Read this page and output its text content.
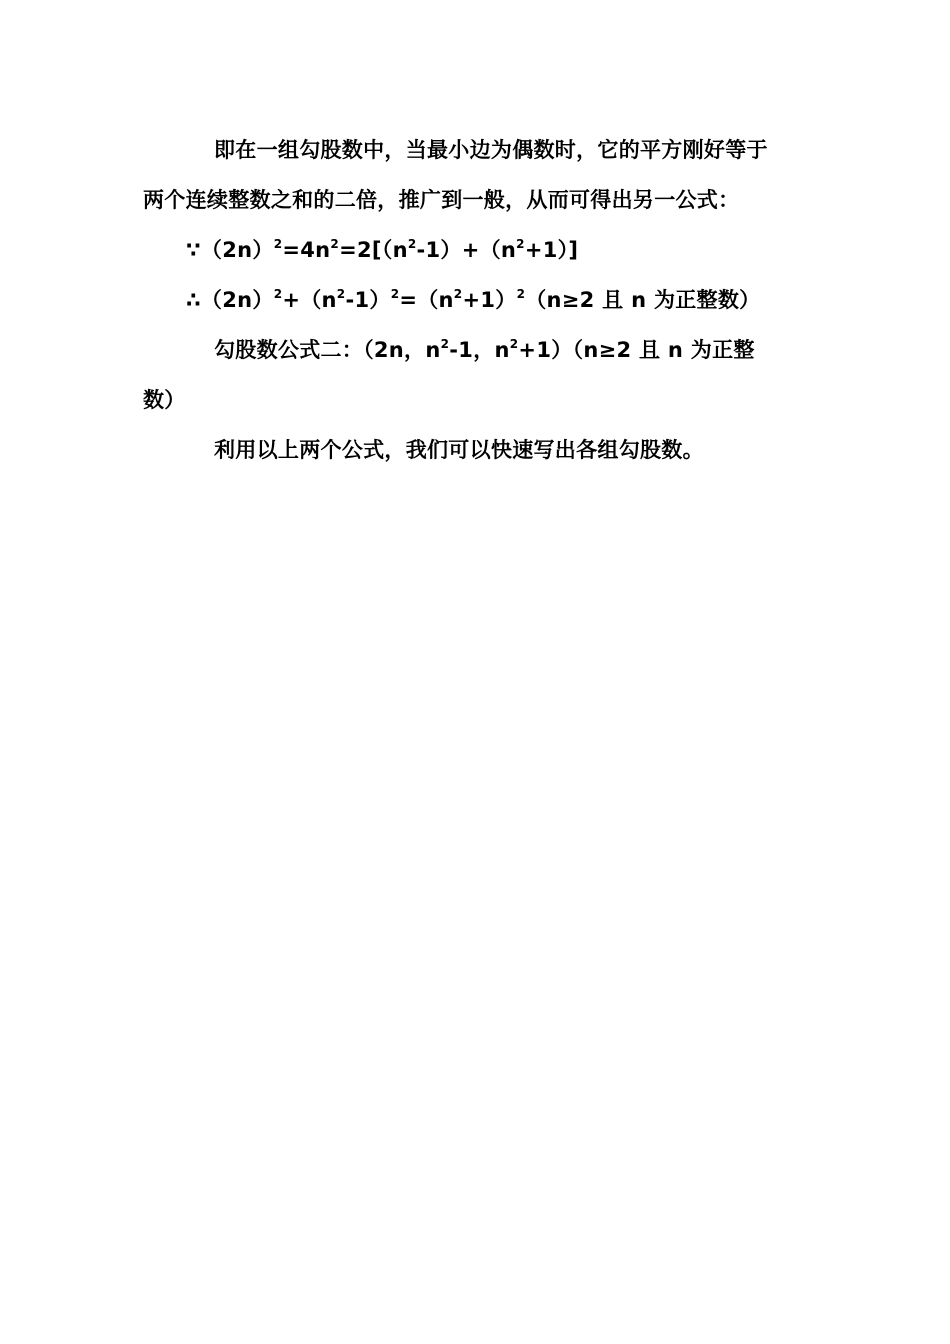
即在一组勾股数中，当最小边为偶数时，它的平方刚好等于
两个连续整数之和的二倍，推广到一般，从而可得出另一公式：
$\because(2n)^2=4n^2=2[(n^2-1)+(n^2+1)]$
$\therefore(2n)^2+(n^2-1)^2=(n^2+1)^2(n\ge 2$ 且 n 为正整数）
勾股数公式二：（2n，$n^2-1$，$n^2+1)(n\ge 2$ 且 n 为正整
数）
利用以上两个公式，我们可以快速写出各组勾股数。
